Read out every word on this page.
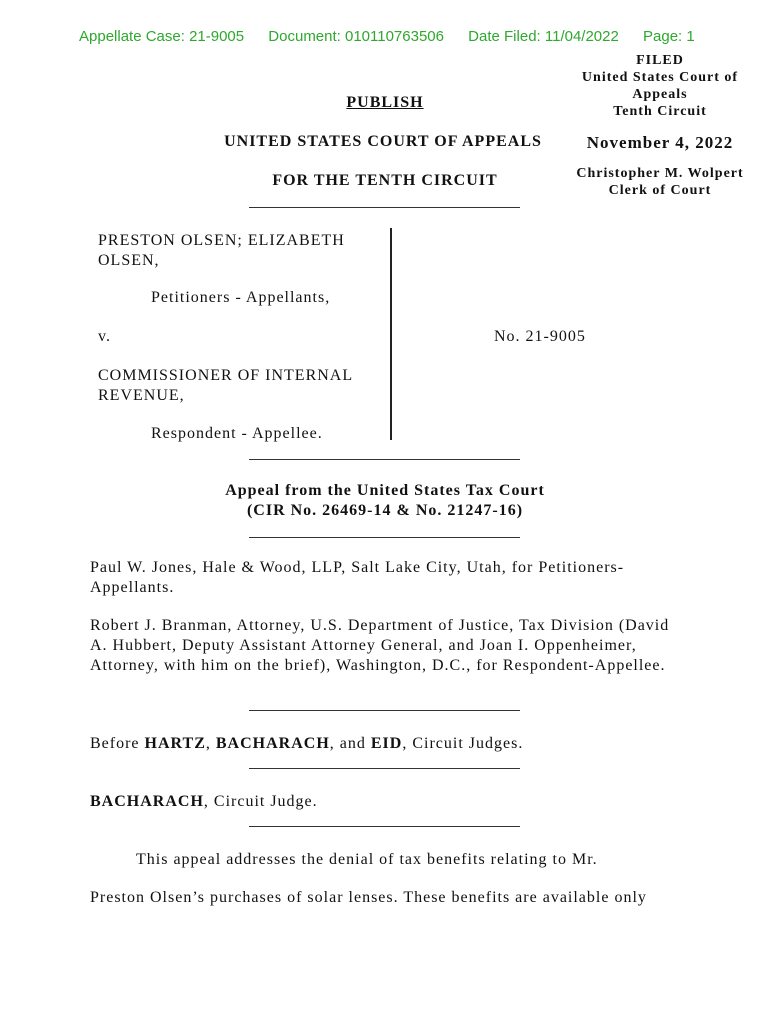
Appellate Case: 21-9005 Document: 010110763506 Date Filed: 11/04/2022 Page: 1
FILED
United States Court of
Appeals
Tenth Circuit
November 4, 2022
Christopher M. Wolpert
Clerk of Court
PUBLISH
UNITED STATES COURT OF APPEALS
FOR THE TENTH CIRCUIT
PRESTON OLSEN; ELIZABETH
OLSEN,
Petitioners - Appellants,
v.	No. 21-9005
COMMISSIONER OF INTERNAL
REVENUE,
Respondent - Appellee.
Appeal from the United States Tax Court
(CIR No. 26469-14 & No. 21247-16)
Paul W. Jones, Hale & Wood, LLP, Salt Lake City, Utah, for Petitioners-Appellants.
Robert J. Branman, Attorney, U.S. Department of Justice, Tax Division (David A. Hubbert, Deputy Assistant Attorney General, and Joan I. Oppenheimer, Attorney, with him on the brief), Washington, D.C., for Respondent-Appellee.
Before HARTZ, BACHARACH, and EID, Circuit Judges.
BACHARACH, Circuit Judge.
This appeal addresses the denial of tax benefits relating to Mr.
Preston Olsen’s purchases of solar lenses. These benefits are available only
